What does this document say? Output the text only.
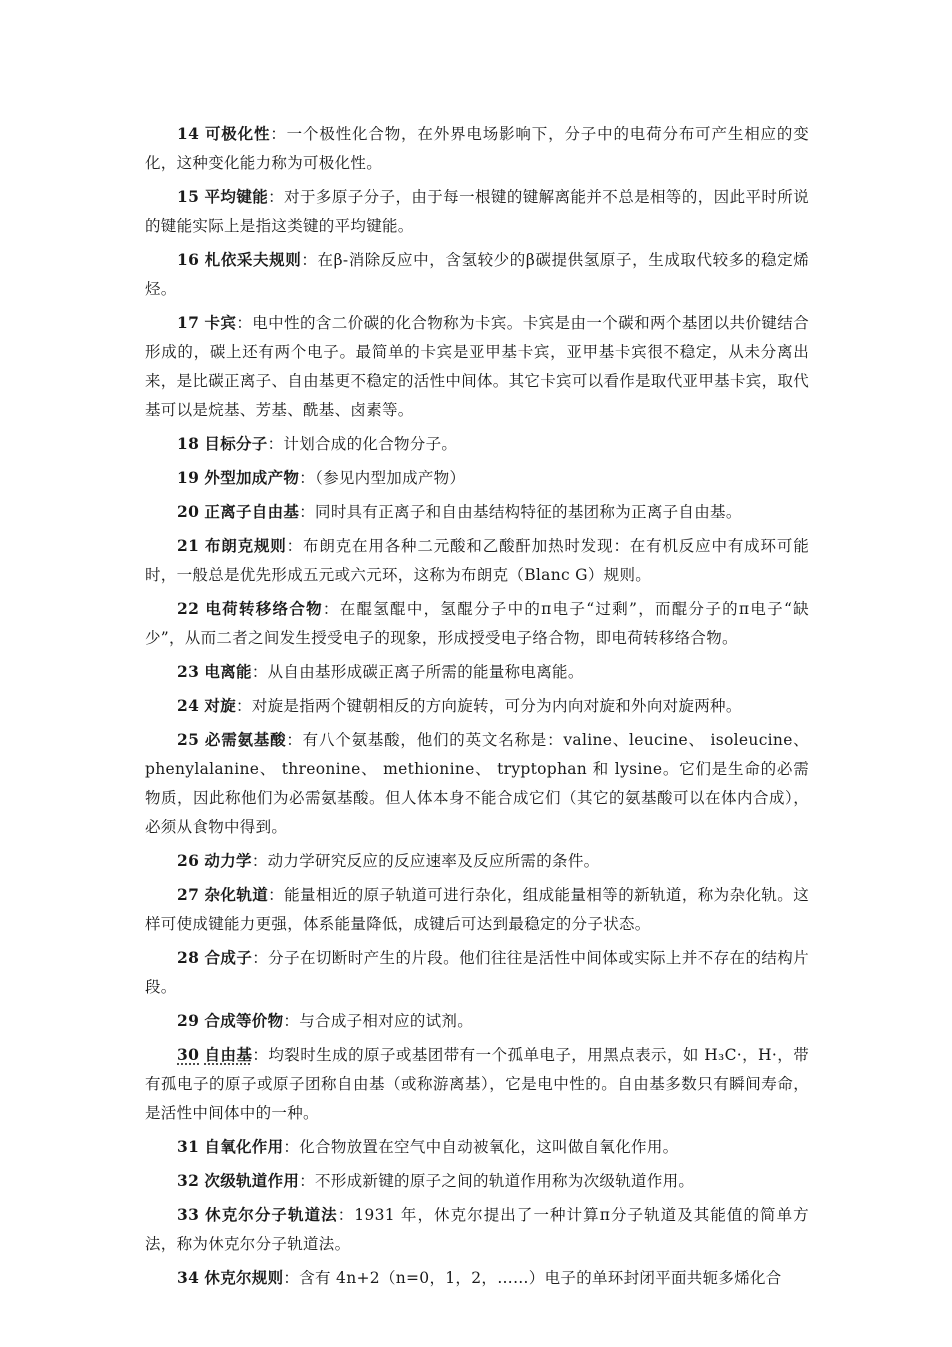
14 可极化性：一个极性化合物，在外界电场影响下，分子中的电荷分布可产生相应的变化，这种变化能力称为可极化性。

15 平均键能：对于多原子分子，由于每一根键的键解离能并不总是相等的，因此平时所说的键能实际上是指这类键的平均键能。

16 札依采夫规则：在β-消除反应中，含氢较少的β碳提供氢原子，生成取代较多的稳定烯烃。

17 卡宾：电中性的含二价碳的化合物称为卡宾。卡宾是由一个碳和两个基团以共价键结合形成的，碳上还有两个电子。最简单的卡宾是亚甲基卡宾，亚甲基卡宾很不稳定，从未分离出来，是比碳正离子、自由基更不稳定的活性中间体。其它卡宾可以看作是取代亚甲基卡宾，取代基可以是烷基、芳基、酰基、卤素等。

18 目标分子：计划合成的化合物分子。

19 外型加成产物：（参见内型加成产物）

20 正离子自由基：同时具有正离子和自由基结构特征的基团称为正离子自由基。

21 布朗克规则：布朗克在用各种二元酸和乙酸酐加热时发现：在有机反应中有成环可能时，一般总是优先形成五元或六元环，这称为布朗克（Blanc G）规则。

22 电荷转移络合物：在醌氢醌中，氢醌分子中的π电子“过剩”，而醌分子的π电子“缺少”，从而二者之间发生授受电子的现象，形成授受电子络合物，即电荷转移络合物。

23 电离能：从自由基形成碳正离子所需的能量称电离能。

24 对旋：对旋是指两个键朝相反的方向旋转，可分为内向对旋和外向对旋两种。

25 必需氨基酸：有八个氨基酸，他们的英文名称是：valine、leucine、 isoleucine、phenylalanine、 threonine、 methionine、 tryptophan 和 lysine。它们是生命的必需物质，因此称他们为必需氨基酸。但人体本身不能合成它们（其它的氨基酸可以在体内合成），必须从食物中得到。

26 动力学：动力学研究反应的反应速率及反应所需的条件。

27 杂化轨道：能量相近的原子轨道可进行杂化，组成能量相等的新轨道，称为杂化轨。这样可使成键能力更强，体系能量降低，成键后可达到最稳定的分子状态。

28 合成子：分子在切断时产生的片段。他们往往是活性中间体或实际上并不存在的结构片段。

29 合成等价物：与合成子相对应的试剂。

30 自由基：均裂时生成的原子或基团带有一个孤单电子，用黑点表示，如 H₃C·，H·，带有孤电子的原子或原子团称自由基（或称游离基），它是电中性的。自由基多数只有瞬间寿命，是活性中间体中的一种。

31 自氧化作用：化合物放置在空气中自动被氧化，这叫做自氧化作用。

32 次级轨道作用：不形成新键的原子之间的轨道作用称为次级轨道作用。

33 休克尔分子轨道法：1931 年，休克尔提出了一种计算π分子轨道及其能值的简单方法，称为休克尔分子轨道法。

34 休克尔规则：含有 4n+2（n=0，1，2，……）电子的单环封闭平面共轭多烯化合
